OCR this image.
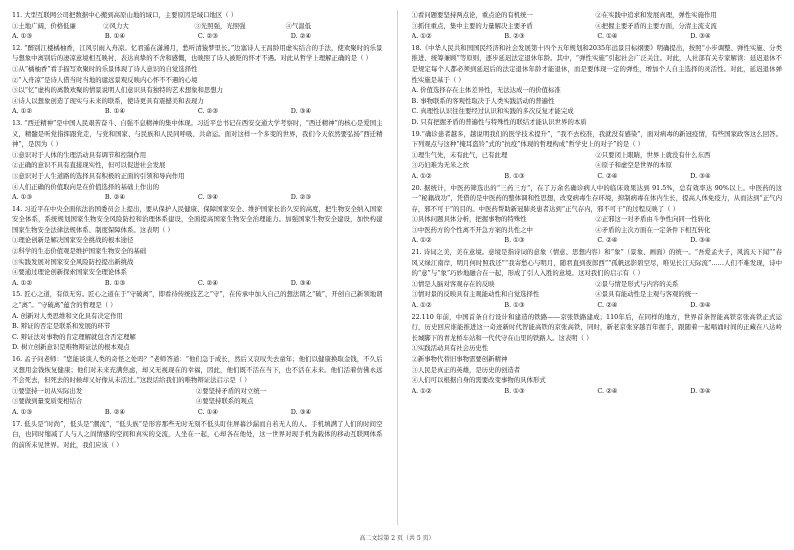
11. 大型互联网公司把数据中心搬到高原山地的域口，主要原因是域口地区（ ）
①土地广阔，价格低廉	②风力大	③光照强，光照强	④气温低
A. ①③	B. ①④	C. ②③	D. ②④
12. “醉别江楼橘柚香，江风引雨入舟凉。忆君遥在潇湘月，愁听清猿梦里长。”边塞诗人王昌龄用虚实结合的手法，使欢聚时的乐景与想象中离别后的凄凉意境相互映衬，表达真挚的不舍和感慨，也映照了诗人被贬的怀才不遇。对此从哲学上理解正确的是（ ）
①从“橘柚香”看手描写欢聚时的乐景体现了诗人意识的自觉选择性
②“入舟凉”是诗人借当时当地的谴远景观反映内心怀不不遇的心境
③以“忆”虚构的离散欢聚的情景说明人们意识具有独特的艺术想象和思想力
④诗人以想象创造了现实与未来的联系，使诗更具有震撼美和表现力
A. ①②	B. ①④	C. ②③	D. ③④
13. “西迁精神”是中国人民艰苦奋斗、自强不息精神的集中体现。习近平总书记在西安交通大学考察时，“西迁精神”的核心是爱国主义，精髓是听党指挥跟党走，与党和国家、与民族和人民同呼吸、共命运。面对这样一个多变的世界，我们今天依然要弘扬“西迁精神”，是因为（ ）
①意识对于人体的生理活动具有调节和控制作用
②正确的意识不具有直接现实性，但可以促进社会发展
③意识对于人生道路的选择具有积极的正面的引领和导向作用
④人们正确的价值取向是在价值选择的基础上作出的
A. ①③	B. ②④	C. ③④	D. ②③
14. 习近平在中央全面依法治国委员会上提出，要从保护人民健康、保障国家安全、维护国家长治久安的高度，把生物安全纳入国家安全体系，系统规划国家生物安全风险防控和治理体系建设，全面提高国家生物安全治理能力。加强国家生物安全建设，加快构建国家生物安全法律法规体系、制度保障体系。这表明（ ）
①理论创新是解决国家安全挑战的根本途径
②科学的生态价值观是维护国家生物安全的基础
③实践发展对国家安全风险防控提出新挑战
④要通过理论创新探索国家安全理论体系
A. ①②	B. ①③	C. ②④	D. ③④
15. 匠心之道，有似无穷。匠心之道在于“守破离”，即看待传统技艺之“守”，在传承中加入自己的想法谓之“破”，开创自己新领地谓之“离”。“守破离”蕴含的哲理是（ ）
A. 创新对人类思维和文化具有决定作用
B. 辩证的否定是联系和发展的环节
C. 辩证法对事物的肯定理解就包含否定理解
D. 树立创新意识是唯物辩证法的根本观点
16. 孟子问老师：“您能谈谈人类的奇怪之处吗？”老师答道：“他们急于成长，然后又哀叹失去童年；他们以健康换取金钱，不久后又想用金钱恢复健康；他们对未来充满焦虑，却又无视现在的幸福，因此，他们既不活在当下，也不活在未来。他们活着仿佛永远不会死去，但死去的时候却又好像从未活过。”这段话给我们的唯物辩证法启示是（ ）
①要坚持一切从实际出发	②要坚持矛盾的对立统一
③要做到量变质变相结合	④要坚持联系的观点
A. ①③	B. ②④	C. ①④	D. ③④
17. 低头是“时尚”，低头是“潮流”，“低头族”是形容那些无时无刻不低头盯住屏幕沙漏而自若无人的人。手机填满了人们的时间空白，也同时缩减了人与人之间情感的空间和真实的交流，人坐在一起，心却各在他处，这一世界对现手机为载体的移动互联网体系的前所未见世界。对此，我们应该（ ）
①看问题要坚持两点论，重点论的有机统一	②在实践中追求和发展真理，弹性实施作用
③抓住重点，集中主要的力量解决主要矛盾	④把握主要矛盾的主要方面，分清主流支流
A. ①②	B. ②③	C. ①④	D. ③④
18.《中华人民共和国国民经济和社会发展第十四个五年规划和2035年远景目标纲要》明确提出，按照“小步调整、弹性实施、分类推进、统筹兼顾”等原则，逐步延迟法定退休年龄。其中，“弹性实施”引起社会广泛关注。对此，人社部有关专家解读：延迟退休不是规定每个人都必须到延迟后的法定退休年龄才能退休，而是要体现一定的弹性，增加个人自主选择的灵活性。对此，延迟退休弹性实施是基于（ ）
A. 价值选择存在主体差异性，无法达成一的价值标准
B. 事物联系的客观性取决于人类实践活动的普遍性
C. 真理性认识往往要经过认识和实践的多次反复才能完成
D. 只有把握矛盾的普遍性与特殊性的联结才能认识世界的本质
19.“确诊患者越多，越说明我们的医学技术提升”，“我不去校准，我就没有感染”，面对病毒的新冠疫情，有些国家政客这么回答。下列观点与这种“掩耳盗铃”式的“抗疫”体现的哲理构成“哲学史上的对子”的是（ ）
①理生气先，未有此气，已有此理	②只要闭上眼睛，世界上就没有什么东西
③巧妇难为无米之炊	④原子和虚空是世界的本原
A. ①②	B. ①③	C. ②④	D. ③④
20. 据统计，中医药筛选出的“三药三方”，在了万余名确诊病人中的临床效果达到 91.5%，总有效率达 90%以上。中医药的这一“秘籍战功”，凭借的是中医药的整体调和性思想，改变病毒生存环境，抑制病毒在体内生长，提高人体免疫力，从而达到“正气内存，邪不可干”的目的。中医药帮助新冠肺炎患者达到“正气存内，邪不可干”的过程反映了（ ）
①具体问题具体分析，把握事物的特殊性	②正邪这一对矛盾由斗争性向同一性转化
③中医药方的个性离不开急方案的共性之中	④矛盾的主次方面在一定条件下相互转化
A. ①②	B. ①③	C. ②④	D. ③④
21. 诗词之美，美在意境。意境是指诗词的意象（情意、思想内容）和“象”（景象、画面）的统一。“吾爱孟夫子，风流天下闻”“春风又绿江南岸，明月何时照我还”“我寄愁心与明月，随君直到夜郎西”“孤帆远影碧空尽，唯见长江天际流”……人们不难发现，诗中的“意”与“象”巧妙地融合在一起，形成了引人入胜的意境。这对我们的启示有（ ）
①情是人脑对客观存在的反映	②景与情是形式与内容的关系
③情对景的反映具有主观能动性和自觉选择性	④景具有能动性是主观与客观的统一
A. ①②	B. ①③	C. ②④	D. ③④
22.110 年前，中国首条自行设计和建造的铁路——京张铁路建成；110年后，在同样的地方，世界首条智能高铁京张高铁正式运行，历史回应谁能推进这一奇迹新时代智能高铁的京张高铁，同时，新老京张穿越百年握手，跟随着一起唱诵时间的正藏在八达岭长城脚下的青龙桥车站和一代代守在山里的铁路人。这表明（ ）
①实践活动具有社会历史性
②新事物代替旧事物需要创新精神
③人民是真正的英雄，是历史的创造者
④人们可以根据自身的需要改变事物的具体形式
A. ①②	B. ①③	C. ②④	D. ③④
高二文综第 2 页（共 5 页）
